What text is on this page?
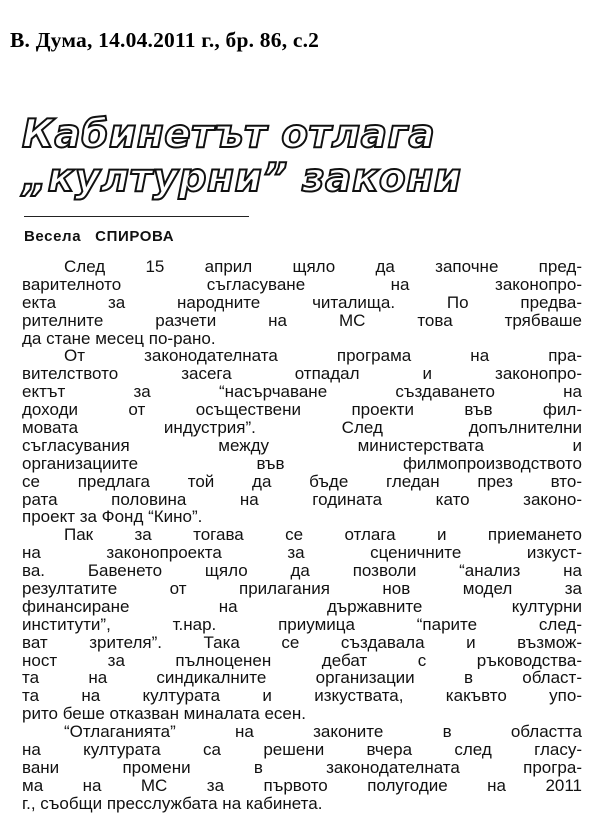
В. Дума, 14.04.2011 г., бр. 86, с.2
Кабинетът отлага
„културни” закони
Весела СПИРОВА
След 15 април щяло да започне пред-
варителното съгласуване на законопро-
екта за народните читалища. По предва-
рителните разчети на МС това трябваше
да стане месец по-рано.
От законодателната програма на пра-
вителството засега отпадал и законопро-
ектът за “насърчаване създаването на
доходи от осъществени проекти във фил-
мовата индустрия”. След допълнителни
съгласувания между министерствата и
организациите във филмопроизводството
се предлага той да бъде гледан през вто-
рата половина на годината като законо-
проект за Фонд “Кино”.
Пак за тогава се отлага и приемането
на законопроекта за сценичните изкуст-
ва. Бавенето щяло да позволи “анализ на
резултатите от прилагания нов модел за
финансиране на държавните културни
институти”, т.нар. приумица “парите след-
ват зрителя”. Така се създавала и възмож-
ност за пълноценен дебат с ръководства-
та на синдикалните организации в област-
та на културата и изкуствата, какъвто упо-
рито беше отказван миналата есен.
“Отлаганията” на законите в областта
на културата са решени вчера след гласу-
вани промени в законодателната програ-
ма на МС за първото полугодие на 2011
г., съобщи пресслужбата на кабинета.
